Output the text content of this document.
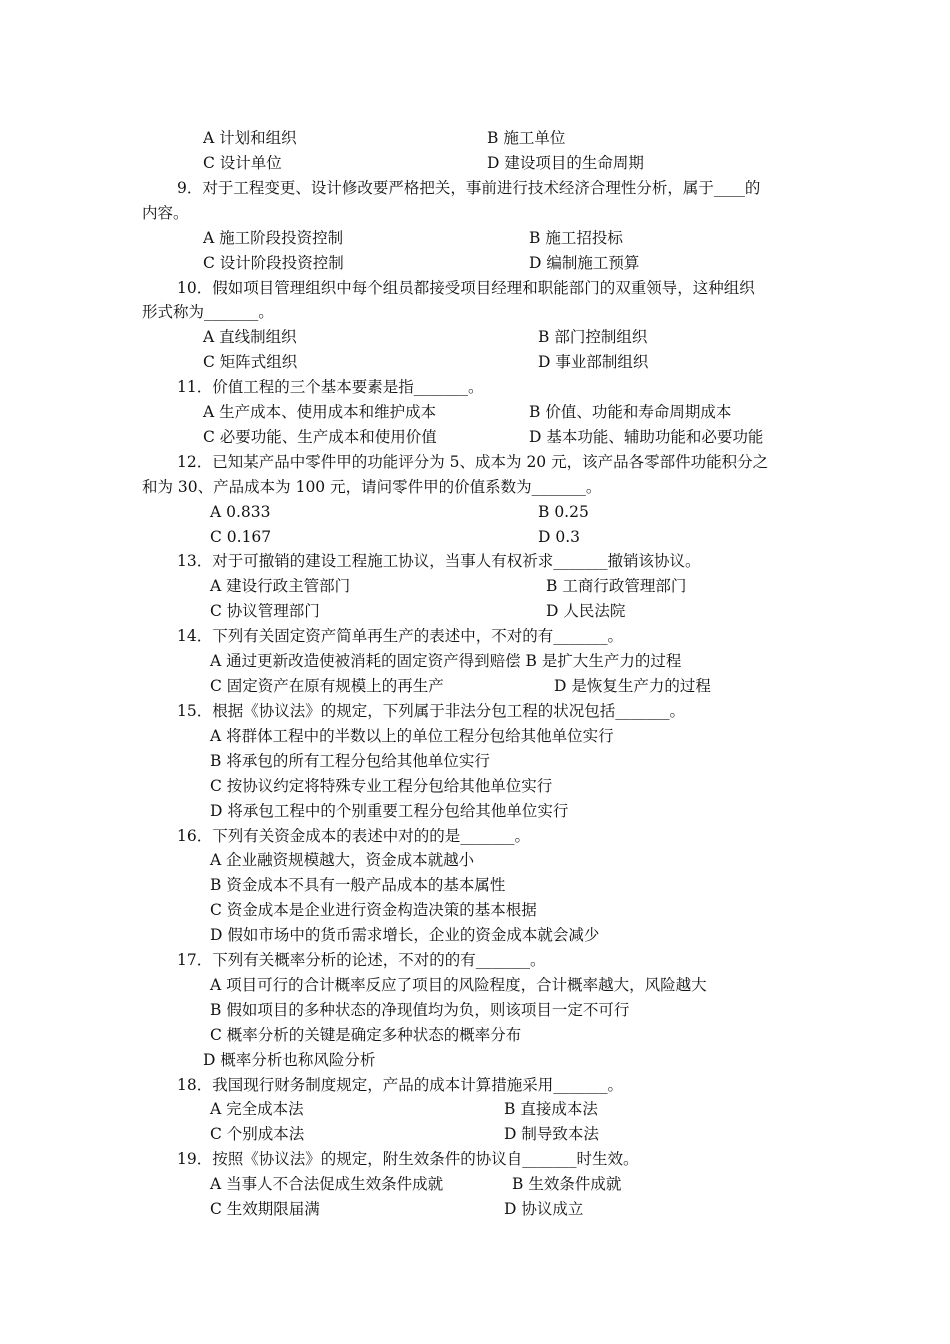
A 计划和组织	B 施工单位
C 设计单位	D 建设项目的生命周期
9．对于工程变更、设计修改要严格把关，事前进行技术经济合理性分析，属于____的
内容。
A 施工阶段投资控制	B 施工招投标
C 设计阶段投资控制	D 编制施工预算
10．假如项目管理组织中每个组员都接受项目经理和职能部门的双重领导，这种组织
形式称为_______。
A 直线制组织	B 部门控制组织
C 矩阵式组织	D 事业部制组织
11．价值工程的三个基本要素是指_______。
A 生产成本、使用成本和维护成本	B 价值、功能和寿命周期成本
C 必要功能、生产成本和使用价值	D 基本功能、辅助功能和必要功能
12．已知某产品中零件甲的功能评分为 5、成本为 20 元，该产品各零部件功能积分之
和为 30、产品成本为 100 元，请问零件甲的价值系数为_______。
A 0.833	B 0.25
C 0.167	D 0.3
13．对于可撤销的建设工程施工协议，当事人有权祈求_______撤销该协议。
A 建设行政主管部门	B 工商行政管理部门
C 协议管理部门	D 人民法院
14．下列有关固定资产简单再生产的表述中，不对的有_______。
A 通过更新改造使被消耗的固定资产得到赔偿 B 是扩大生产力的过程
C 固定资产在原有规模上的再生产	D 是恢复生产力的过程
15．根据《协议法》的规定，下列属于非法分包工程的状况包括_______。
A 将群体工程中的半数以上的单位工程分包给其他单位实行
B 将承包的所有工程分包给其他单位实行
C 按协议约定将特殊专业工程分包给其他单位实行
D 将承包工程中的个别重要工程分包给其他单位实行
16．下列有关资金成本的表述中对的的是_______。
A 企业融资规模越大，资金成本就越小
B 资金成本不具有一般产品成本的基本属性
C 资金成本是企业进行资金构造决策的基本根据
D 假如市场中的货币需求增长，企业的资金成本就会减少
17．下列有关概率分析的论述，不对的的有_______。
A 项目可行的合计概率反应了项目的风险程度，合计概率越大，风险越大
B 假如项目的多种状态的净现值均为负，则该项目一定不可行
C 概率分析的关键是确定多种状态的概率分布
D 概率分析也称风险分析
18．我国现行财务制度规定，产品的成本计算措施采用_______。
A 完全成本法	B 直接成本法
C 个别成本法	D 制导致本法
19．按照《协议法》的规定，附生效条件的协议自_______时生效。
A 当事人不合法促成生效条件成就	B 生效条件成就
C 生效期限届满	D 协议成立
